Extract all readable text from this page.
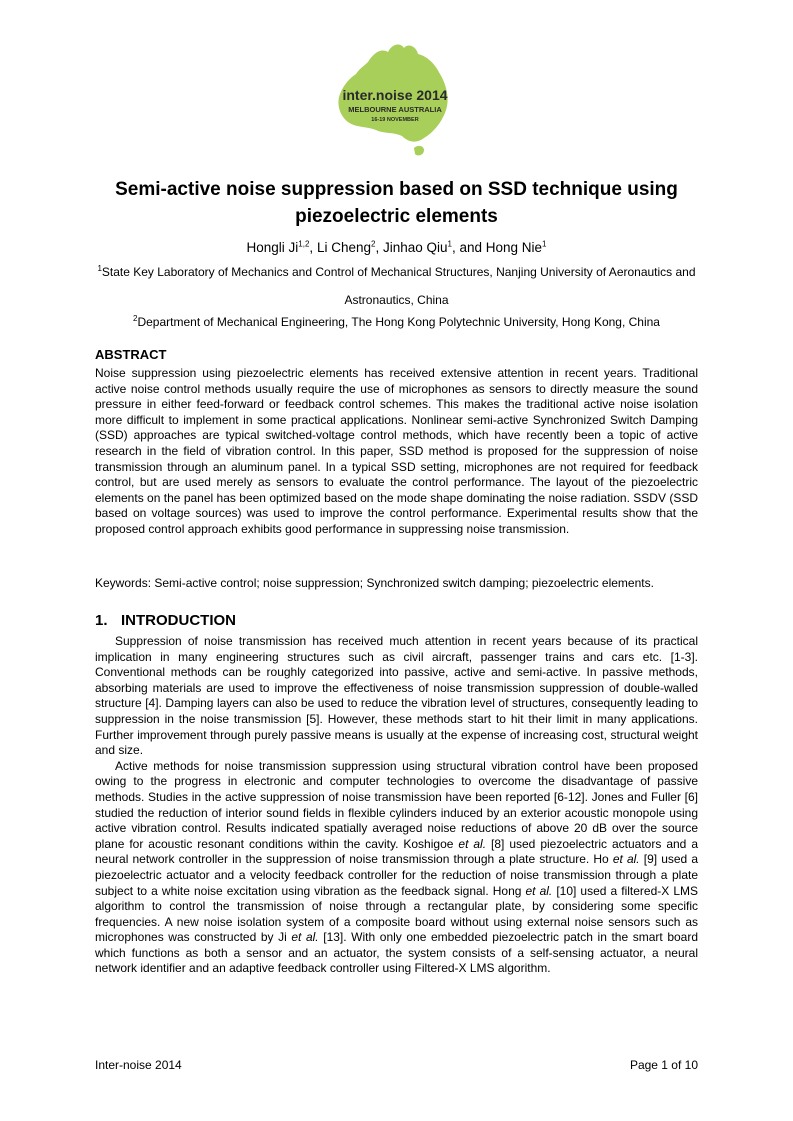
inter.noise 2014
MELBOURNE AUSTRALIA
16-19 NOVEMBER
Semi-active noise suppression based on SSD technique using
piezoelectric elements
Hongli Ji$^{1,2}$, Li Cheng$^2$, Jinhao Qiu$^1$, and Hong Nie$^1$
$^1$State Key Laboratory of Mechanics and Control of Mechanical Structures, Nanjing University of Aeronautics and Astronautics, China
$^2$Department of Mechanical Engineering, The Hong Kong Polytechnic University, Hong Kong, China
ABSTRACT

Noise suppression using piezoelectric elements has received extensive attention in recent years. Traditional active noise control methods usually require the use of microphones as sensors to directly measure the sound pressure in either feed-forward or feedback control schemes. This makes the traditional active noise isolation more difficult to implement in some practical applications. Nonlinear semi-active Synchronized Switch Damping (SSD) approaches are typical switched-voltage control methods, which have recently been a topic of active research in the field of vibration control. In this paper, SSD method is proposed for the suppression of noise transmission through an aluminum panel. In a typical SSD setting, microphones are not required for feedback control, but are used merely as sensors to evaluate the control performance. The layout of the piezoelectric elements on the panel has been optimized based on the mode shape dominating the noise radiation. SSDV (SSD based on voltage sources) was used to improve the control performance. Experimental results show that the proposed control approach exhibits good performance in suppressing noise transmission.

Keywords: Semi-active control; noise suppression; Synchronized switch damping; piezoelectric elements.

1. INTRODUCTION

Suppression of noise transmission has received much attention in recent years because of its practical implication in many engineering structures such as civil aircraft, passenger trains and cars etc. [1-3]. Conventional methods can be roughly categorized into passive, active and semi-active. In passive methods, absorbing materials are used to improve the effectiveness of noise transmission suppression of double-walled structure [4]. Damping layers can also be used to reduce the vibration level of structures, consequently leading to suppression in the noise transmission [5]. However, these methods start to hit their limit in many applications. Further improvement through purely passive means is usually at the expense of increasing cost, structural weight and size.

Active methods for noise transmission suppression using structural vibration control have been proposed owing to the progress in electronic and computer technologies to overcome the disadvantage of passive methods. Studies in the active suppression of noise transmission have been reported [6-12]. Jones and Fuller [6] studied the reduction of interior sound fields in flexible cylinders induced by an exterior acoustic monopole using active vibration control. Results indicated spatially averaged noise reductions of above 20 dB over the source plane for acoustic resonant conditions within the cavity. Koshigoe et al. [8] used piezoelectric actuators and a neural network controller in the suppression of noise transmission through a plate structure. Ho et al. [9] used a piezoelectric actuator and a velocity feedback controller for the reduction of noise transmission through a plate subject to a white noise excitation using vibration as the feedback signal. Hong et al. [10] used a filtered-X LMS algorithm to control the transmission of noise through a rectangular plate, by considering some specific frequencies. A new noise isolation system of a composite board without using external noise sensors such as microphones was constructed by Ji et al. [13]. With only one embedded piezoelectric patch in the smart board which functions as both a sensor and an actuator, the system consists of a self-sensing actuator, a neural network identifier and an adaptive feedback controller using Filtered-X LMS algorithm.

Inter-noise 2014	Page 1 of 10
